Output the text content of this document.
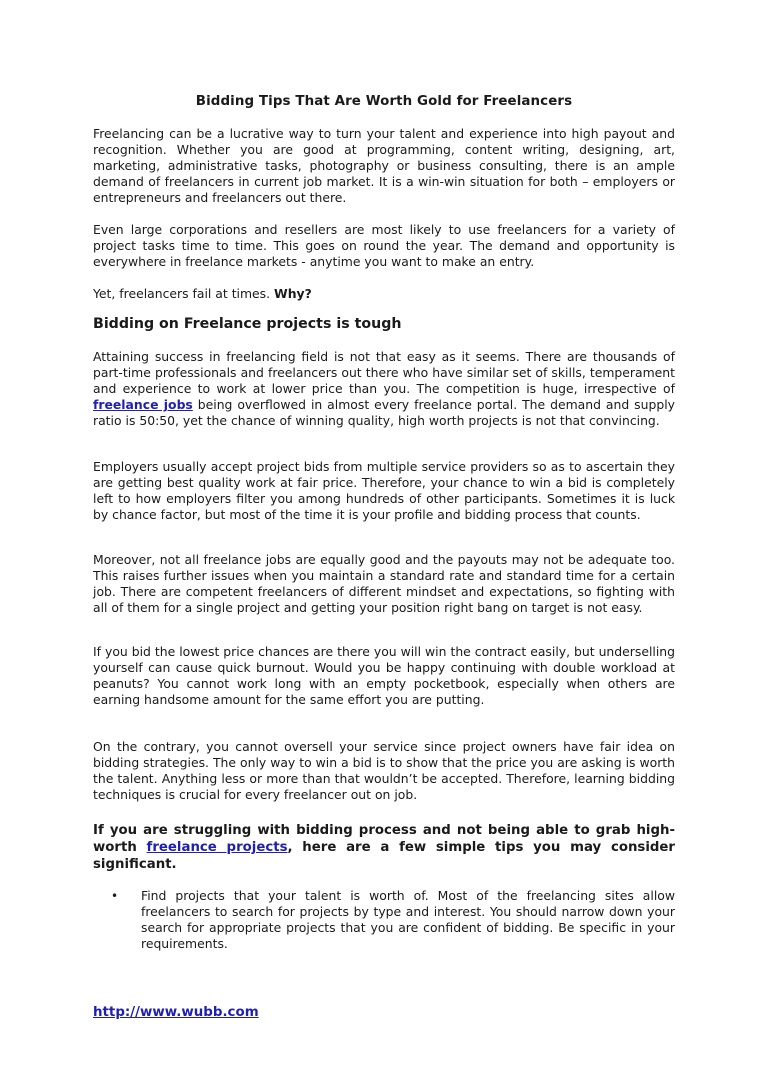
Bidding Tips That Are Worth Gold for Freelancers

Freelancing can be a lucrative way to turn your talent and experience into high payout and recognition. Whether you are good at programming, content writing, designing, art, marketing, administrative tasks, photography or business consulting, there is an ample demand of freelancers in current job market. It is a win-win situation for both – employers or entrepreneurs and freelancers out there.

Even large corporations and resellers are most likely to use freelancers for a variety of project tasks time to time. This goes on round the year. The demand and opportunity is everywhere in freelance markets - anytime you want to make an entry.

Yet, freelancers fail at times. Why?

Bidding on Freelance projects is tough

Attaining success in freelancing field is not that easy as it seems. There are thousands of part-time professionals and freelancers out there who have similar set of skills, temperament and experience to work at lower price than you. The competition is huge, irrespective of freelance jobs being overflowed in almost every freelance portal. The demand and supply ratio is 50:50, yet the chance of winning quality, high worth projects is not that convincing.

Employers usually accept project bids from multiple service providers so as to ascertain they are getting best quality work at fair price. Therefore, your chance to win a bid is completely left to how employers filter you among hundreds of other participants. Sometimes it is luck by chance factor, but most of the time it is your profile and bidding process that counts.

Moreover, not all freelance jobs are equally good and the payouts may not be adequate too. This raises further issues when you maintain a standard rate and standard time for a certain job. There are competent freelancers of different mindset and expectations, so fighting with all of them for a single project and getting your position right bang on target is not easy.

If you bid the lowest price chances are there you will win the contract easily, but underselling yourself can cause quick burnout. Would you be happy continuing with double workload at peanuts? You cannot work long with an empty pocketbook, especially when others are earning handsome amount for the same effort you are putting.

On the contrary, you cannot oversell your service since project owners have fair idea on bidding strategies. The only way to win a bid is to show that the price you are asking is worth the talent. Anything less or more than that wouldn’t be accepted. Therefore, learning bidding techniques is crucial for every freelancer out on job.

If you are struggling with bidding process and not being able to grab high-worth freelance projects, here are a few simple tips you may consider significant.

• Find projects that your talent is worth of. Most of the freelancing sites allow freelancers to search for projects by type and interest. You should narrow down your search for appropriate projects that you are confident of bidding. Be specific in your requirements.
http://www.wubb.com
